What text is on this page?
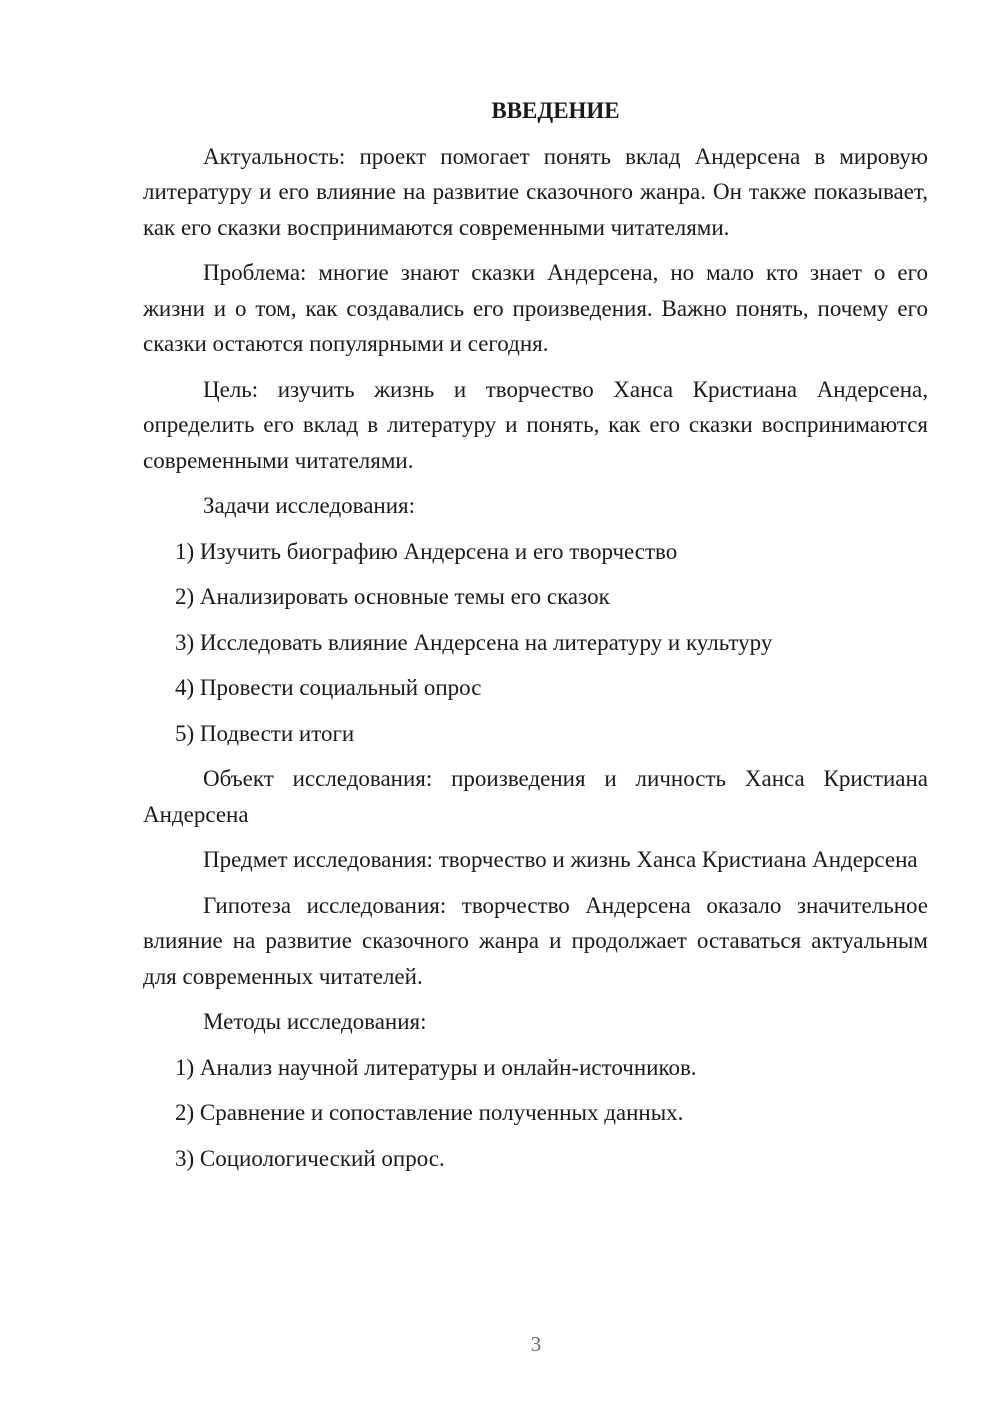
ВВЕДЕНИЕ

Актуальность: проект помогает понять вклад Андерсена в мировую литературу и его влияние на развитие сказочного жанра. Он также показывает, как его сказки воспринимаются современными читателями.

Проблема: многие знают сказки Андерсена, но мало кто знает о его жизни и о том, как создавались его произведения. Важно понять, почему его сказки остаются популярными и сегодня.

Цель: изучить жизнь и творчество Ханса Кристиана Андерсена, определить его вклад в литературу и понять, как его сказки воспринимаются современными читателями.

Задачи исследования:

1) Изучить биографию Андерсена и его творчество
2) Анализировать основные темы его сказок
3) Исследовать влияние Андерсена на литературу и культуру
4) Провести социальный опрос
5) Подвести итоги

Объект исследования: произведения и личность Ханса Кристиана Андерсена

Предмет исследования: творчество и жизнь Ханса Кристиана Андерсена

Гипотеза исследования: творчество Андерсена оказало значительное влияние на развитие сказочного жанра и продолжает оставаться актуальным для современных читателей.

Методы исследования:

1) Анализ научной литературы и онлайн-источников.
2) Сравнение и сопоставление полученных данных.
3) Социологический опрос.
3
